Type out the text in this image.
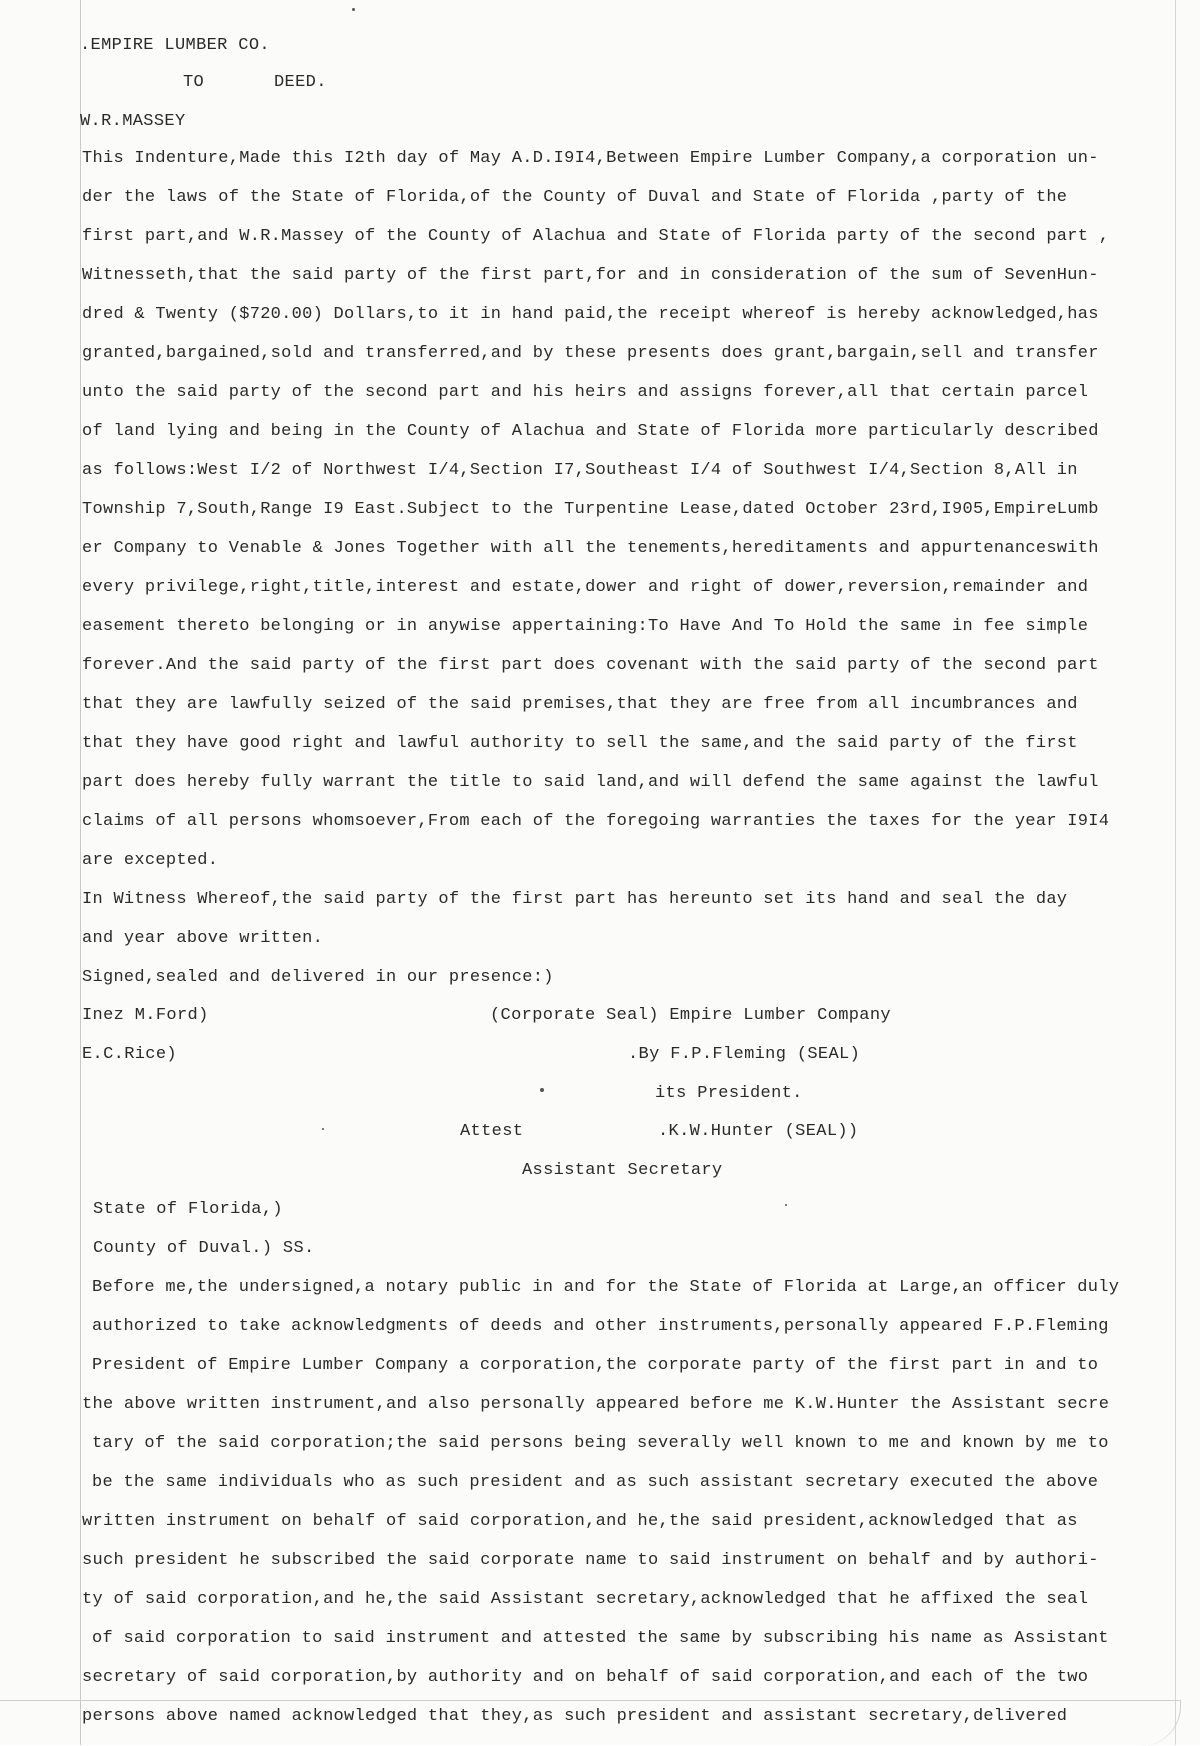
.EMPIRE LUMBER CO.
TO	DEED.
W.R.MASSEY
This Indenture,Made this I2th day of May A.D.I9I4,Between Empire Lumber Company,a corporation un-
der the laws of the State of Florida,of the County of Duval and State of Florida ,party of the
first part,and W.R.Massey of the County of Alachua and State of Florida party of the second part ,
Witnesseth,that the said party of the first part,for and in consideration of the sum of SevenHun-
dred & Twenty ($720.00) Dollars,to it in hand paid,the receipt whereof is hereby acknowledged,has
granted,bargained,sold and transferred,and by these presents does grant,bargain,sell and transfer
unto the said party of the second part and his heirs and assigns forever,all that certain parcel
of land lying and being in the County of Alachua and State of Florida more particularly described
as follows:West I/2 of Northwest I/4,Section I7,Southeast I/4 of Southwest I/4,Section 8,All in
Township 7,South,Range I9 East.Subject to the Turpentine Lease,dated October 23rd,I905,EmpireLumb
er Company to Venable & Jones Together with all the tenements,hereditaments and appurtenanceswith
every privilege,right,title,interest and estate,dower and right of dower,reversion,remainder and
easement thereto belonging or in anywise appertaining:To Have And To Hold the same in fee simple
forever.And the said party of the first part does covenant with the said party of the second part
that they are lawfully seized of the said premises,that they are free from all incumbrances and
that they have good right and lawful authority to sell the same,and the said party of the first
part does hereby fully warrant the title to said land,and will defend the same against the lawful
claims of all persons whomsoever,From each of the foregoing warranties the taxes for the year I9I4
are excepted.
In Witness Whereof,the said party of the first part has hereunto set its hand and seal the day
and year above written.
Signed,sealed and delivered in our presence:)
Inez M.Ford)
E.C.Rice)
(Corporate Seal) Empire Lumber Company
.By F.P.Fleming (SEAL)
its President.
Attest	.K.W.Hunter (SEAL))
Assistant Secretary
State of Florida,)
County of Duval.) SS.
Before me,the undersigned,a notary public in and for the State of Florida at Large,an officer duly
authorized to take acknowledgments of deeds and other instruments,personally appeared F.P.Fleming
President of Empire Lumber Company a corporation,the corporate party of the first part in and to
the above written instrument,and also personally appeared before me K.W.Hunter the Assistant secre
tary of the said corporation;the said persons being severally well known to me and known by me to
be the same individuals who as such president and as such assistant secretary executed the above
written instrument on behalf of said corporation,and he,the said president,acknowledged that as
such president he subscribed the said corporate name to said instrument on behalf and by authori-
ty of said corporation,and he,the said Assistant secretary,acknowledged that he affixed the seal
of said corporation to said instrument and attested the same by subscribing his name as Assistant
secretary of said corporation,by authority and on behalf of said corporation,and each of the two
persons above named acknowledged that they,as such president and assistant secretary,delivered
